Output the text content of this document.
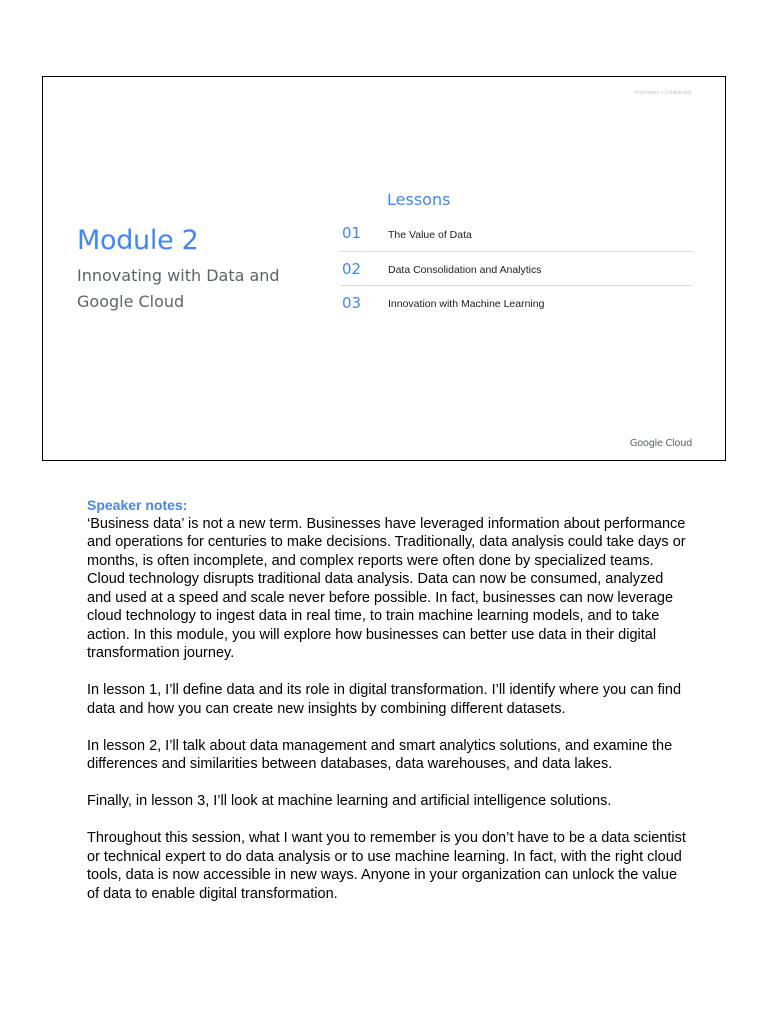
Proprietary + Confidential
Module 2
Innovating with Data and Google Cloud
Lessons
01	The Value of Data
02	Data Consolidation and Analytics
03	Innovation with Machine Learning
Google Cloud
Speaker notes:

‘Business data’ is not a new term. Businesses have leveraged information about performance and operations for centuries to make decisions. Traditionally, data analysis could take days or months, is often incomplete, and complex reports were often done by specialized teams. Cloud technology disrupts traditional data analysis. Data can now be consumed, analyzed and used at a speed and scale never before possible. In fact, businesses can now leverage cloud technology to ingest data in real time, to train machine learning models, and to take action. In this module, you will explore how businesses can better use data in their digital transformation journey.

In lesson 1, I’ll define data and its role in digital transformation. I’ll identify where you can find data and how you can create new insights by combining different datasets.

In lesson 2, I’ll talk about data management and smart analytics solutions, and examine the differences and similarities between databases, data warehouses, and data lakes.

Finally, in lesson 3, I’ll look at machine learning and artificial intelligence solutions.

Throughout this session, what I want you to remember is you don’t have to be a data scientist or technical expert to do data analysis or to use machine learning. In fact, with the right cloud tools, data is now accessible in new ways. Anyone in your organization can unlock the value of data to enable digital transformation.
